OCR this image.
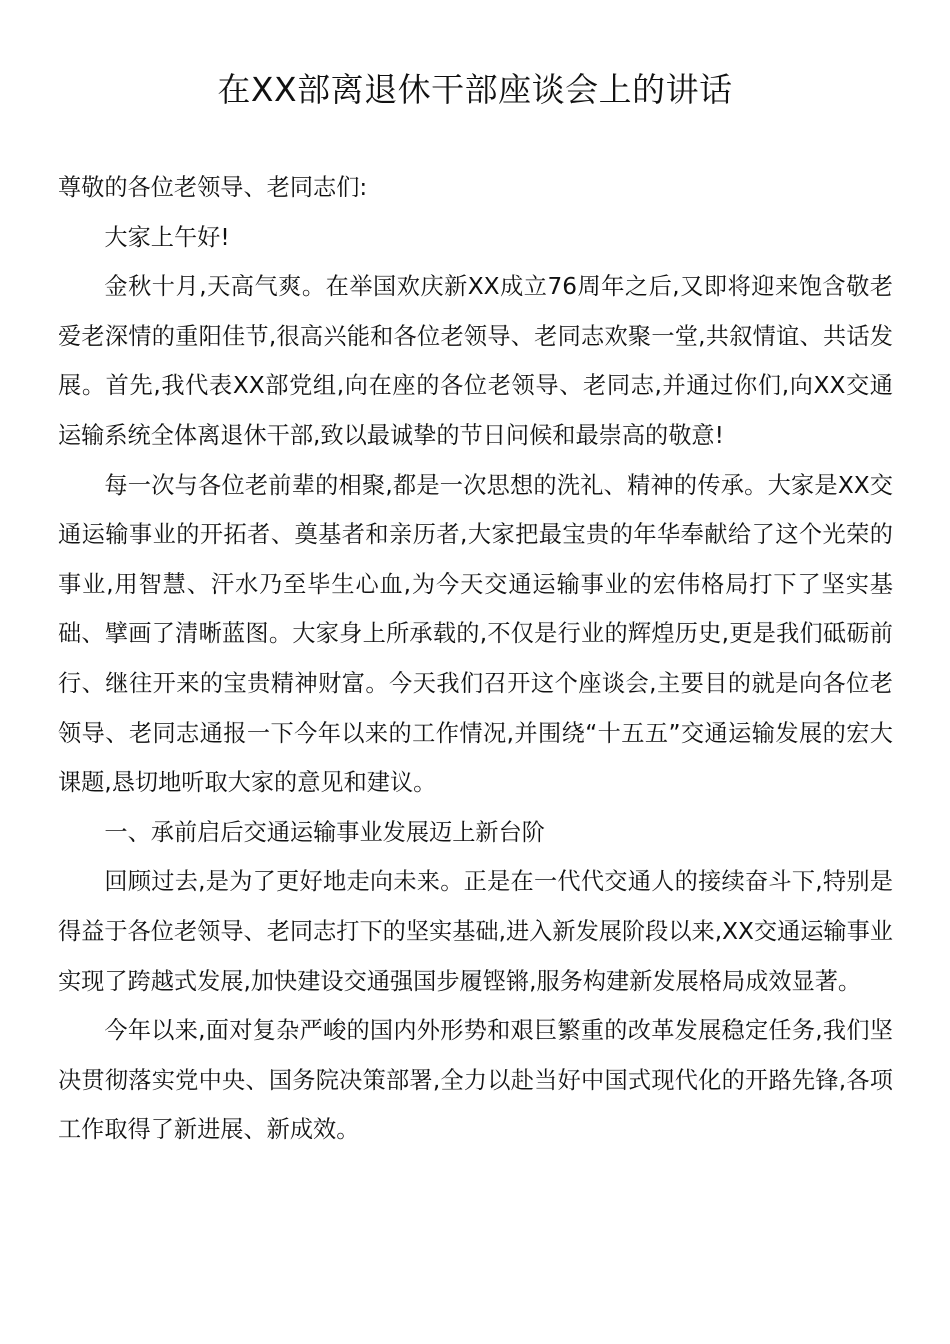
在XX部离退休干部座谈会上的讲话

尊敬的各位老领导、老同志们:

大家上午好!

金秋十月,天高气爽。在举国欢庆新XX成立76周年之后,又即将迎来饱含敬老爱老深情的重阳佳节,很高兴能和各位老领导、老同志欢聚一堂,共叙情谊、共话发展。首先,我代表XX部党组,向在座的各位老领导、老同志,并通过你们,向XX交通运输系统全体离退休干部,致以最诚挚的节日问候和最崇高的敬意!

每一次与各位老前辈的相聚,都是一次思想的洗礼、精神的传承。大家是XX交通运输事业的开拓者、奠基者和亲历者,大家把最宝贵的年华奉献给了这个光荣的事业,用智慧、汗水乃至毕生心血,为今天交通运输事业的宏伟格局打下了坚实基础、擘画了清晰蓝图。大家身上所承载的,不仅是行业的辉煌历史,更是我们砥砺前行、继往开来的宝贵精神财富。今天我们召开这个座谈会,主要目的就是向各位老领导、老同志通报一下今年以来的工作情况,并围绕“十五五”交通运输发展的宏大课题,恳切地听取大家的意见和建议。

一、承前启后交通运输事业发展迈上新台阶

回顾过去,是为了更好地走向未来。正是在一代代交通人的接续奋斗下,特别是得益于各位老领导、老同志打下的坚实基础,进入新发展阶段以来,XX交通运输事业实现了跨越式发展,加快建设交通强国步履铿锵,服务构建新发展格局成效显著。

今年以来,面对复杂严峻的国内外形势和艰巨繁重的改革发展稳定任务,我们坚决贯彻落实党中央、国务院决策部署,全力以赴当好中国式现代化的开路先锋,各项工作取得了新进展、新成效。
